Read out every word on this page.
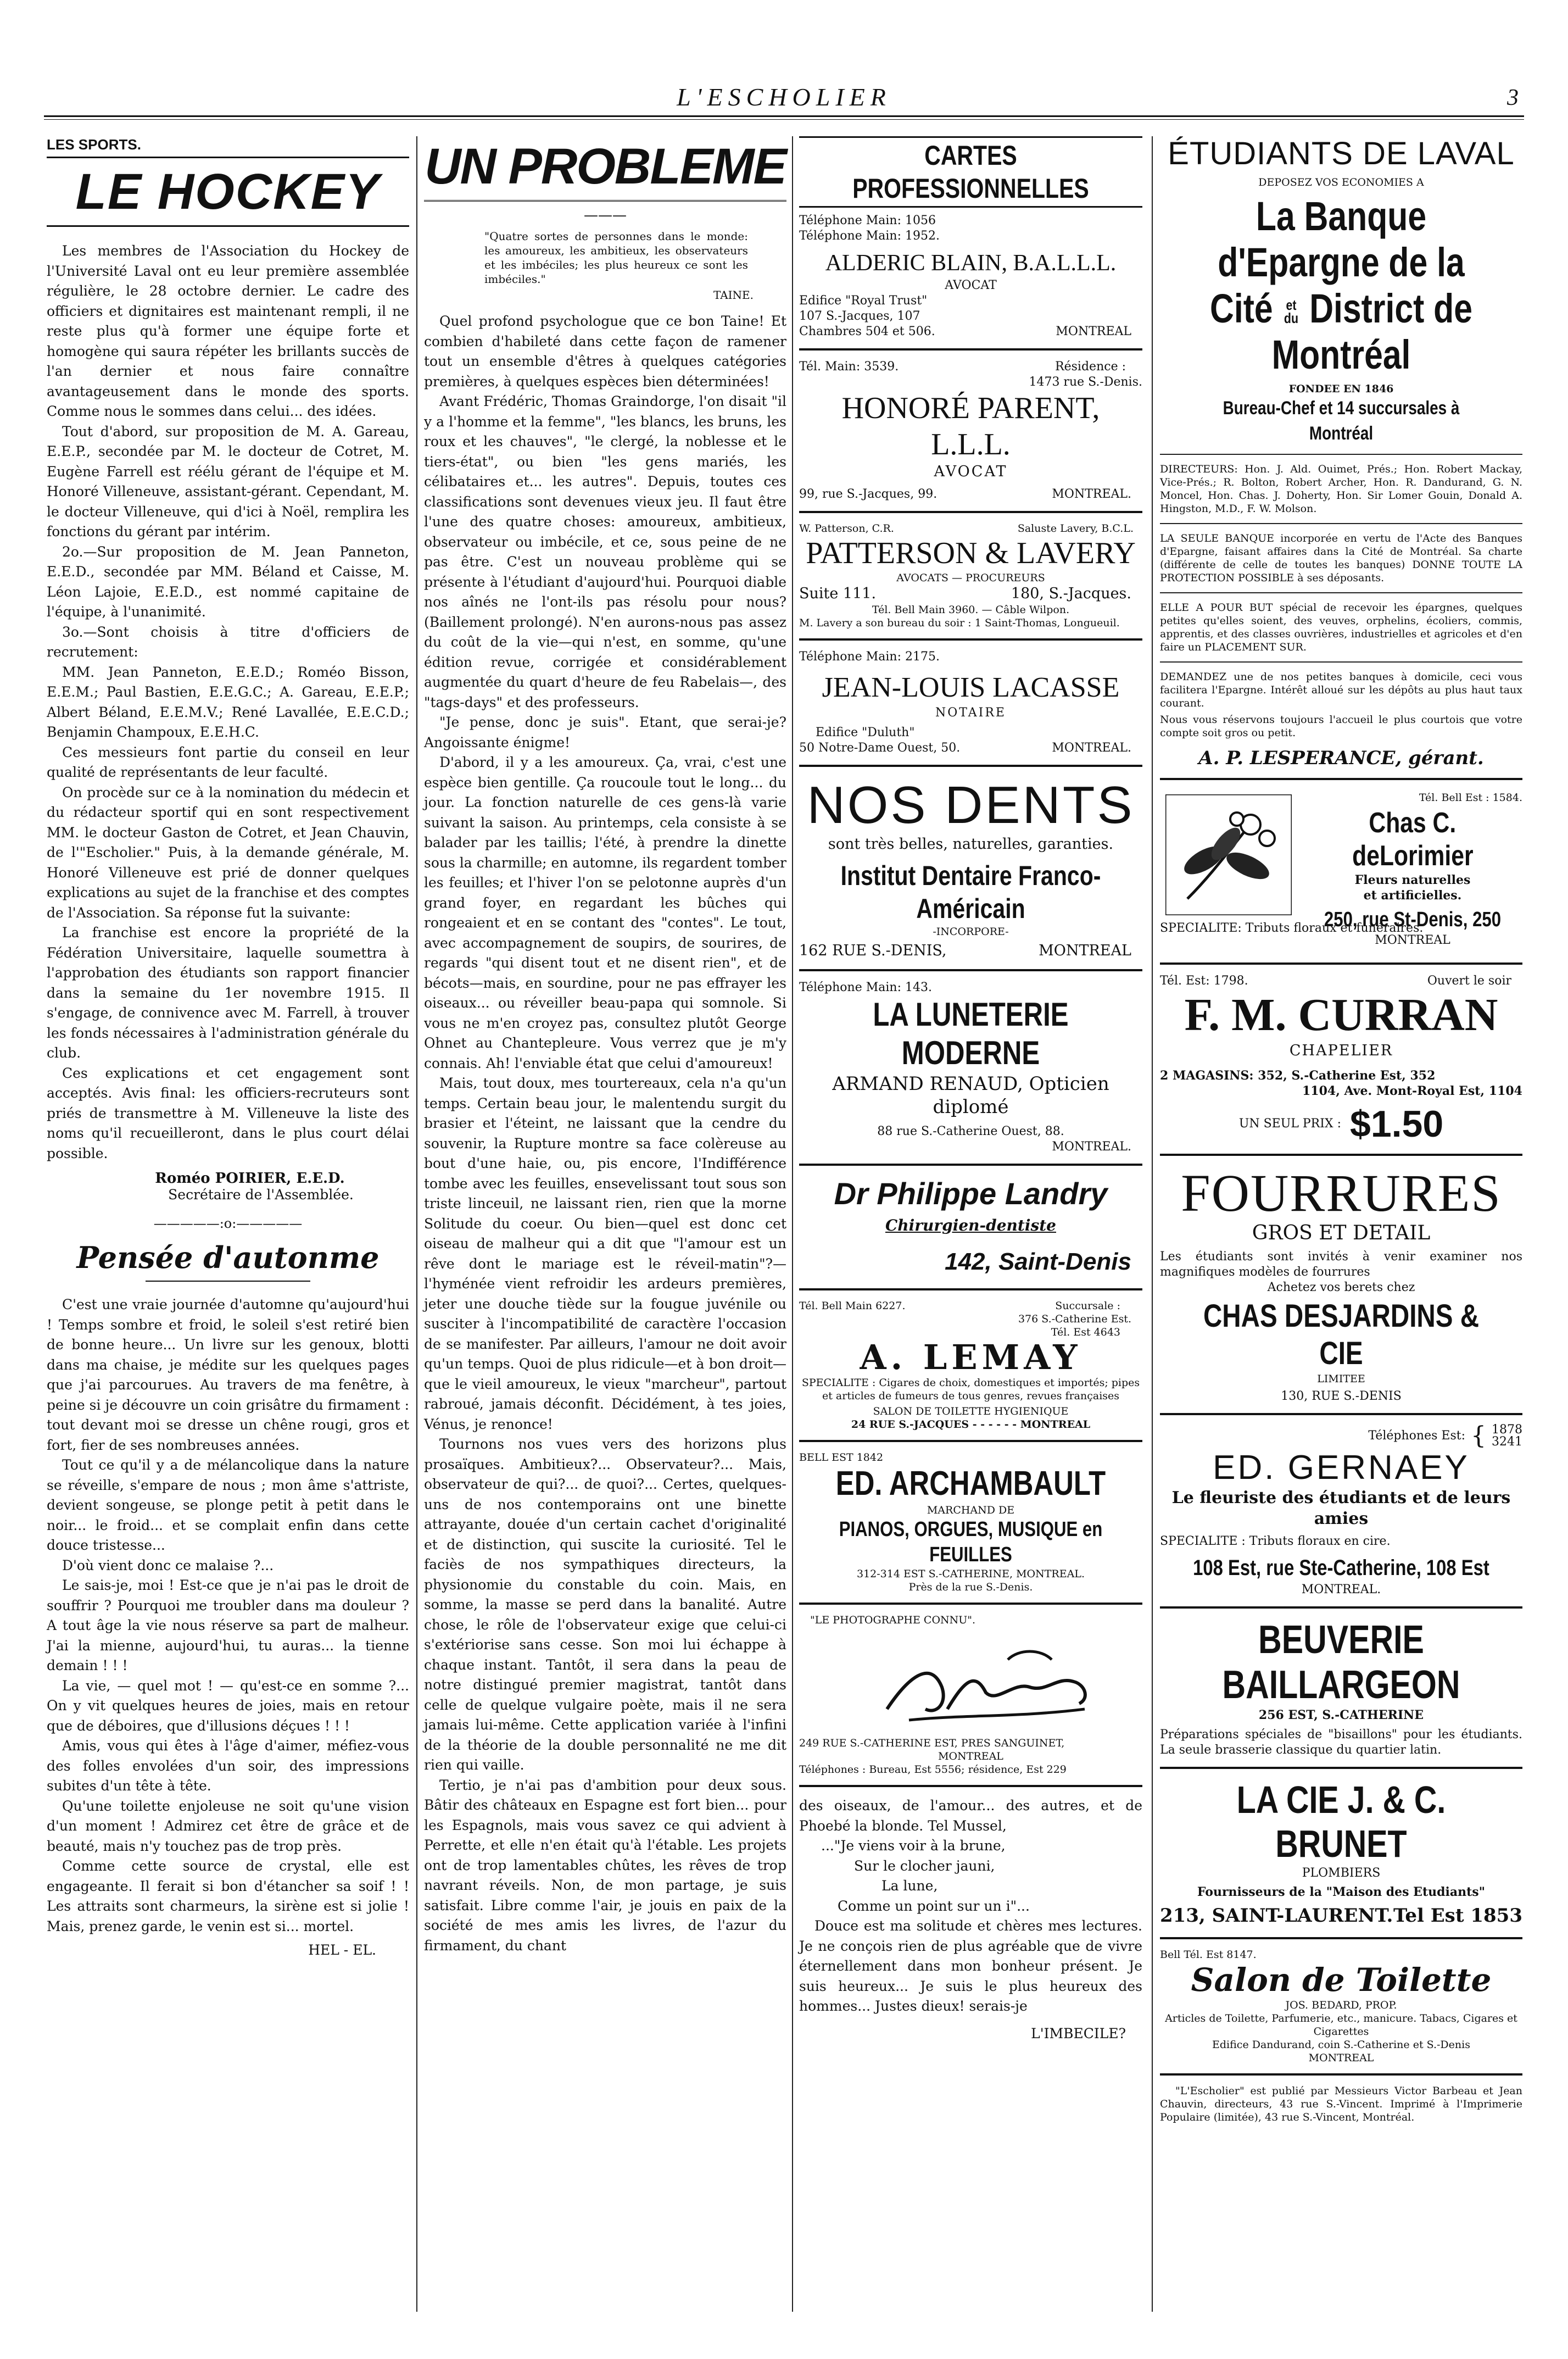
L'ESCHOLIER	3
LES SPORTS.
LE HOCKEY

Les membres de l'Association du Hockey de l'Université Laval ont eu leur première assemblée régulière, le 28 octobre dernier. Le cadre des officiers et dignitaires est maintenant rempli, il ne reste plus qu'à former une équipe forte et homogène qui saura répéter les brillants succès de l'an dernier et nous faire connaître avantageusement dans le monde des sports. Comme nous le sommes dans celui... des idées.

Tout d'abord, sur proposition de M. A. Gareau, E.E.P., secondée par M. le docteur de Cotret, M. Eugène Farrell est réélu gérant de l'équipe et M. Honoré Villeneuve, assistant-gérant. Cependant, M. le docteur Villeneuve, qui d'ici à Noël, remplira les fonctions du gérant par intérim.

2o.—Sur proposition de M. Jean Panneton, E.E.D., secondée par MM. Béland et Caisse, M. Léon Lajoie, E.E.D., est nommé capitaine de l'équipe, à l'unanimité.

3o.—Sont choisis à titre d'officiers de recrutement:

MM. Jean Panneton, E.E.D.; Roméo Bisson, E.E.M.; Paul Bastien, E.E.G.C.; A. Gareau, E.E.P.; Albert Béland, E.E.M.V.; René Lavallée, E.E.C.D.; Benjamin Champoux, E.E.H.C.

Ces messieurs font partie du conseil en leur qualité de représentants de leur faculté.

On procède sur ce à la nomination du médecin et du rédacteur sportif qui en sont respectivement MM. le docteur Gaston de Cotret, et Jean Chauvin, de l'"Escholier." Puis, à la demande générale, M. Honoré Villeneuve est prié de donner quelques explications au sujet de la franchise et des comptes de l'Association. Sa réponse fut la suivante:

La franchise est encore la propriété de la Fédération Universitaire, laquelle soumettra à l'approbation des étudiants son rapport financier dans la semaine du 1er novembre 1915. Il s'engage, de connivence avec M. Farrell, à trouver les fonds nécessaires à l'administration générale du club.

Ces explications et cet engagement sont acceptés. Avis final: les officiers-recruteurs sont priés de transmettre à M. Villeneuve la liste des noms qu'il recueilleront, dans le plus court délai possible.

Roméo POIRIER, E.E.D.
Secrétaire de l'Assemblée.
—————:o:—————
Pensée d'autonme

C'est une vraie journée d'automne qu'aujourd'hui ! Temps sombre et froid, le soleil s'est retiré bien de bonne heure... Un livre sur les genoux, blotti dans ma chaise, je médite sur les quelques pages que j'ai parcourues. Au travers de ma fenêtre, à peine si je découvre un coin grisâtre du firmament : tout devant moi se dresse un chêne rougi, gros et fort, fier de ses nombreuses années.

Tout ce qu'il y a de mélancolique dans la nature se réveille, s'empare de nous ; mon âme s'attriste, devient songeuse, se plonge petit à petit dans le noir... le froid... et se complait enfin dans cette douce tristesse...

D'où vient donc ce malaise ?...

Le sais-je, moi ! Est-ce que je n'ai pas le droit de souffrir ? Pourquoi me troubler dans ma douleur ? A tout âge la vie nous réserve sa part de malheur. J'ai la mienne, aujourd'hui, tu auras... la tienne demain ! ! !

La vie, — quel mot ! — qu'est-ce en somme ?... On y vit quelques heures de joies, mais en retour que de déboires, que d'illusions déçues ! ! !

Amis, vous qui êtes à l'âge d'aimer, méfiez-vous des folles envolées d'un soir, des impressions subites d'un tête à tête.

Qu'une toilette enjoleuse ne soit qu'une vision d'un moment ! Admirez cet être de grâce et de beauté, mais n'y touchez pas de trop près.

Comme cette source de crystal, elle est engageante. Il ferait si bon d'étancher sa soif ! ! Les attraits sont charmeurs, la sirène est si jolie ! Mais, prenez garde, le venin est si... mortel.

HEL - EL.
UN PROBLEME
———
"Quatre sortes de personnes dans le monde: les amoureux, les ambitieux, les observateurs et les imbéciles; les plus heureux ce sont les imbéciles."
TAINE.

Quel profond psychologue que ce bon Taine! Et combien d'habileté dans cette façon de ramener tout un ensemble d'êtres à quelques catégories premières, à quelques espèces bien déterminées!

Avant Frédéric, Thomas Graindorge, l'on disait "il y a l'homme et la femme", "les blancs, les bruns, les roux et les chauves", "le clergé, la noblesse et le tiers-état", ou bien "les gens mariés, les célibataires et... les autres". Depuis, toutes ces classifications sont devenues vieux jeu. Il faut être l'une des quatre choses: amoureux, ambitieux, observateur ou imbécile, et ce, sous peine de ne pas être. C'est un nouveau problème qui se présente à l'étudiant d'aujourd'hui. Pourquoi diable nos aînés ne l'ont-ils pas résolu pour nous? (Baillement prolongé). N'en aurons-nous pas assez du coût de la vie—qui n'est, en somme, qu'une édition revue, corrigée et considérablement augmentée du quart d'heure de feu Rabelais—, des "tags-days" et des professeurs.

"Je pense, donc je suis". Etant, que serai-je? Angoissante énigme!

D'abord, il y a les amoureux. Ça, vrai, c'est une espèce bien gentille. Ça roucoule tout le long... du jour. La fonction naturelle de ces gens-là varie suivant la saison. Au printemps, cela consiste à se balader par les taillis; l'été, à prendre la dinette sous la charmille; en automne, ils regardent tomber les feuilles; et l'hiver l'on se pelotonne auprès d'un grand foyer, en regardant les bûches qui rongeaient et en se contant des "contes". Le tout, avec accompagnement de soupirs, de sourires, de regards "qui disent tout et ne disent rien", et de bécots—mais, en sourdine, pour ne pas effrayer les oiseaux... ou réveiller beau-papa qui somnole. Si vous ne m'en croyez pas, consultez plutôt George Ohnet au Chantepleure. Vous verrez que je m'y connais. Ah! l'enviable état que celui d'amoureux!

Mais, tout doux, mes tourtereaux, cela n'a qu'un temps. Certain beau jour, le malentendu surgit du brasier et l'éteint, ne laissant que la cendre du souvenir, la Rupture montre sa face colèreuse au bout d'une haie, ou, pis encore, l'Indifférence tombe avec les feuilles, ensevelissant tout sous son triste linceuil, ne laissant rien, rien que la morne Solitude du coeur. Ou bien—quel est donc cet oiseau de malheur qui a dit que "l'amour est un rêve dont le mariage est le réveil-matin"?—l'hyménée vient refroidir les ardeurs premières, jeter une douche tiède sur la fougue juvénile ou susciter à l'incompatibilité de caractère l'occasion de se manifester. Par ailleurs, l'amour ne doit avoir qu'un temps. Quoi de plus ridicule—et à bon droit—que le vieil amoureux, le vieux "marcheur", partout rabroué, jamais déconfit. Décidément, à tes joies, Vénus, je renonce!

Tournons nos vues vers des horizons plus prosaïques. Ambitieux?... Observateur?... Mais, observateur de qui?... de quoi?... Certes, quelques-uns de nos contemporains ont une binette attrayante, douée d'un certain cachet d'originalité et de distinction, qui suscite la curiosité. Tel le faciès de nos sympathiques directeurs, la physionomie du constable du coin. Mais, en somme, la masse se perd dans la banalité. Autre chose, le rôle de l'observateur exige que celui-ci s'extériorise sans cesse. Son moi lui échappe à chaque instant. Tantôt, il sera dans la peau de notre distingué premier magistrat, tantôt dans celle de quelque vulgaire poète, mais il ne sera jamais lui-même. Cette application variée à l'infini de la théorie de la double personnalité ne me dit rien qui vaille.

Tertio, je n'ai pas d'ambition pour deux sous. Bâtir des châteaux en Espagne est fort bien... pour les Espagnols, mais vous savez ce qui advient à Perrette, et elle n'en était qu'à l'étable. Les projets ont de trop lamentables chûtes, les rêves de trop navrant réveils. Non, de mon partage, je suis satisfait. Libre comme l'air, je jouis en paix de la société de mes amis les livres, de l'azur du firmament, du chant

CARTES PROFESSIONNELLES
Téléphone Main: 1056
Téléphone Main: 1952.
ALDERIC BLAIN, B.A.L.L.L.
AVOCAT
Edifice "Royal Trust"
107 S.-Jacques, 107
Chambres 504 et 506.	MONTREAL
Tél. Main: 3539.	Résidence :
1473 rue S.-Denis.
HONORÉ PARENT, L.L.L.
AVOCAT
99, rue S.-Jacques, 99.	MONTREAL.
W. Patterson, C.R.	Saluste Lavery, B.C.L.
PATTERSON & LAVERY
AVOCATS — PROCUREURS
Suite 111.	180, S.-Jacques.
Tél. Bell Main 3960. — Câble Wilpon.
M. Lavery a son bureau du soir : 1 Saint-Thomas, Longueuil.
Téléphone Main: 2175.
JEAN-LOUIS LACASSE
NOTAIRE
Edifice "Duluth"
50 Notre-Dame Ouest, 50.	MONTREAL.
NOS DENTS
sont très belles, naturelles, garanties.
Institut Dentaire Franco-Américain
-INCORPORE-
162 RUE S.-DENIS,	MONTREAL
Téléphone Main: 143.
LA LUNETERIE MODERNE
ARMAND RENAUD, Opticien diplomé
88 rue S.-Catherine Ouest, 88.
MONTREAL.
Dr Philippe Landry
Chirurgien-dentiste
142, Saint-Denis
Tél. Bell Main 6227.	Succursale :
376 S.-Catherine Est.
Tél. Est 4643
A. LEMAY
SPECIALITE : Cigares de choix, domestiques et importés; pipes et articles de fumeurs de tous genres, revues françaises
SALON DE TOILETTE HYGIENIQUE
24 RUE S.-JACQUES - - - - - - MONTREAL
BELL EST 1842
ED. ARCHAMBAULT
MARCHAND DE
PIANOS, ORGUES, MUSIQUE en FEUILLES
312-314 EST S.-CATHERINE, MONTREAL.
Près de la rue S.-Denis.
"LE PHOTOGRAPHE CONNU".
249 RUE S.-CATHERINE EST, PRES SANGUINET,
MONTREAL
Téléphones : Bureau, Est 5556; résidence, Est 229

des oiseaux, de l'amour... des autres, et de Phoebé la blonde. Tel Mussel,

..."Je viens voir à la brune,

Sur le clocher jauni,

La lune,

Comme un point sur un i"...

Douce est ma solitude et chères mes lectures. Je ne conçois rien de plus agréable que de vivre éternellement dans mon bonheur présent. Je suis heureux... Je suis le plus heureux des hommes... Justes dieux! serais-je

L'IMBECILE?
ÉTUDIANTS DE LAVAL
DEPOSEZ VOS ECONOMIES A
La Banque d'Epargne de la
Cité et du District de Montréal
FONDEE EN 1846
Bureau-Chef et 14 succursales à Montréal
DIRECTEURS: Hon. J. Ald. Ouimet, Prés.; Hon. Robert Mackay, Vice-Prés.; R. Bolton, Robert Archer, Hon. R. Dandurand, G. N. Moncel, Hon. Chas. J. Doherty, Hon. Sir Lomer Gouin, Donald A. Hingston, M.D., F. W. Molson.
LA SEULE BANQUE incorporée en vertu de l'Acte des Banques d'Epargne, faisant affaires dans la Cité de Montréal. Sa charte (différente de celle de toutes les banques) DONNE TOUTE LA PROTECTION POSSIBLE à ses déposants.
ELLE A POUR BUT spécial de recevoir les épargnes, quelques petites qu'elles soient, des veuves, orphelins, écoliers, commis, apprentis, et des classes ouvrières, industrielles et agricoles et d'en faire un PLACEMENT SUR.
DEMANDEZ une de nos petites banques à domicile, ceci vous facilitera l'Epargne. Intérêt alloué sur les dépôts au plus haut taux courant.
Nous vous réservons toujours l'accueil le plus courtois que votre compte soit gros ou petit.
A. P. LESPERANCE, gérant.
Tél. Bell Est : 1584.
Chas C.deLorimier
Fleurs naturelles
et artificielles.
250, rue St-Denis, 250
MONTREAL
SPECIALITE: Tributs floraux et funéraires.
Tél. Est: 1798.	Ouvert le soir
F. M. CURRAN
CHAPELIER
2 MAGASINS: 352, S.-Catherine Est, 352
1104, Ave. Mont-Royal Est, 1104
UN SEUL PRIX : $1.50
FOURRURES
GROS ET DETAIL
Les étudiants sont invités à venir examiner nos magnifiques modèles de fourrures
Achetez vos berets chez
CHAS DESJARDINS & CIE
LIMITEE
130, RUE S.-DENIS
Téléphones Est: { 1878
3241
ED. GERNAEY
Le fleuriste des étudiants et de leurs amies
SPECIALITE : Tributs floraux en cire.
108 Est, rue Ste-Catherine, 108 Est
MONTREAL.
BEUVERIE BAILLARGEON
256 EST, S.-CATHERINE
Préparations spéciales de "bisaillons" pour les étudiants. La seule brasserie classique du quartier latin.
LA CIE J. & C. BRUNET
PLOMBIERS
Fournisseurs de la "Maison des Etudiants"
213, SAINT-LAURENT. Tel Est 1853
Bell Tél. Est 8147.
Salon de Toilette
JOS. BEDARD, PROP.
Articles de Toilette, Parfumerie, etc., manicure. Tabacs, Cigares et Cigarettes
Edifice Dandurand, coin S.-Catherine et S.-Denis
MONTREAL
"L'Escholier" est publié par Messieurs Victor Barbeau et Jean Chauvin, directeurs, 43 rue S.-Vincent. Imprimé à l'Imprimerie Populaire (limitée), 43 rue S.-Vincent, Montréal.
